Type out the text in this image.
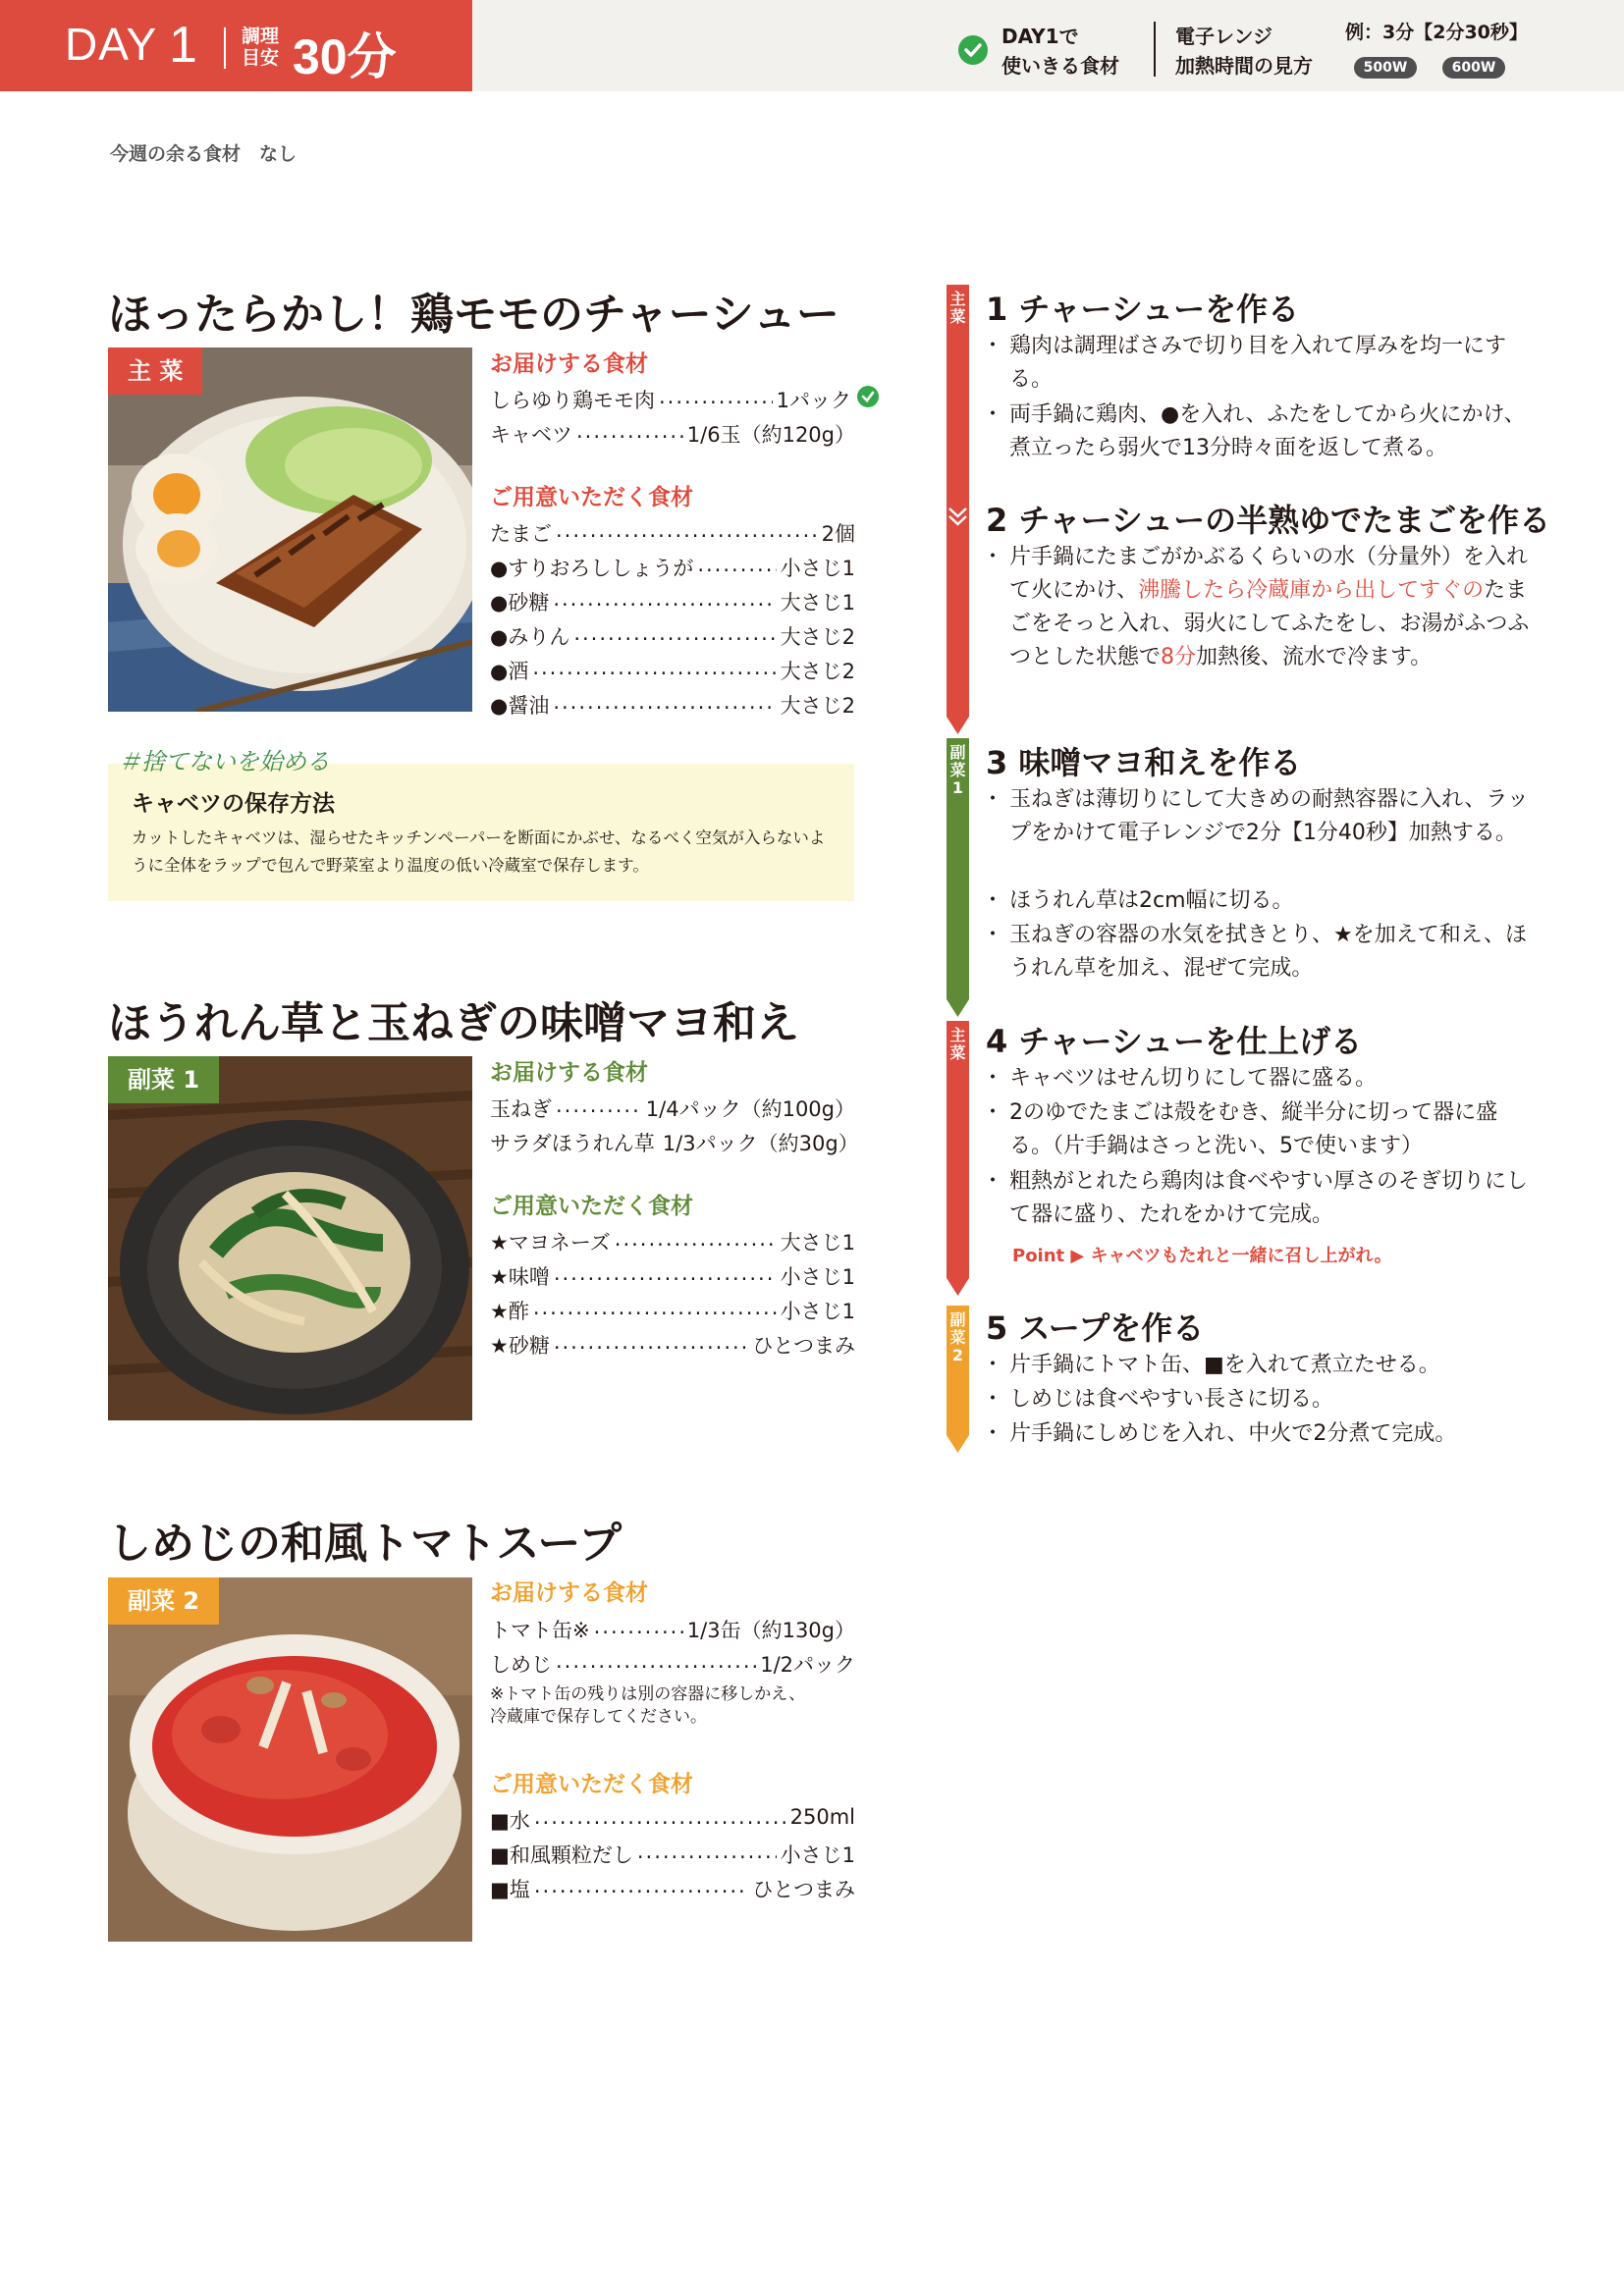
DAY 1 調理目安 30分	DAY1で
使いきる食材
電子レンジ
加熱時間の見方
例：3分【2分30秒】
500W	600W
今週の余る食材　なし
ほったらかし！鶏モモのチャーシュー
主 菜	お届けする食材
しらゆり鶏モモ肉 .....	1パック
キャベツ .....	1/6玉（約120g）
ご用意いただく食材
たまご .....	2個
●すりおろししょうが .....	小さじ1
●砂糖 .....	大さじ1
●みりん .....	大さじ2
●酒 .....	大さじ2
●醤油 .....	大さじ2
キャベツの保存方法
カットしたキャベツは、湿らせたキッチンペーパーを断面にかぶせ、なるべく空気が入らないように全体をラップで包んで野菜室より温度の低い冷蔵室で保存します。
＃捨てないを始める
ほうれん草と玉ねぎの味噌マヨ和え
副菜 1	お届けする食材
玉ねぎ .....	1/4パック（約100g）
サラダほうれん草 1/3パック（約30g）
ご用意いただく食材
★マヨネーズ .....	大さじ1
★味噌 .....	小さじ1
★酢 .....	小さじ1
★砂糖 .....	ひとつまみ
しめじの和風トマトスープ
副菜 2	お届けする食材
トマト缶※ .....	1/3缶（約130g）
しめじ .....	1/2パック
※トマト缶の残りは別の容器に移しかえ、
冷蔵庫で保存してください。
ご用意いただく食材
■水 .....	250ml
■和風顆粒だし .....	小さじ1
■塩 .....	ひとつまみ
主菜
副菜1
主菜
副菜2
1 チャーシューを作る
・ 鶏肉は調理ばさみで切り目を入れて厚みを均一にする。
・ 両手鍋に鶏肉、●を入れ、ふたをしてから火にかけ、煮立ったら弱火で13分時々面を返して煮る。
2 チャーシューの半熟ゆでたまごを作る
・ 片手鍋にたまごがかぶるくらいの水（分量外）を入れて火にかけ、沸騰したら冷蔵庫から出してすぐのたまごをそっと入れ、弱火にしてふたをし、お湯がふつふつとした状態で8分加熱後、流水で冷ます。
3 味噌マヨ和えを作る
・ 玉ねぎは薄切りにして大きめの耐熱容器に入れ、ラップをかけて電子レンジで2分【1分40秒】加熱する。
・ ほうれん草は2cm幅に切る。
・ 玉ねぎの容器の水気を拭きとり、★を加えて和え、ほうれん草を加え、混ぜて完成。
4 チャーシューを仕上げる
・ キャベツはせん切りにして器に盛る。
・ 2のゆでたまごは殻をむき、縦半分に切って器に盛る。（片手鍋はさっと洗い、5で使います）
・ 粗熱がとれたら鶏肉は食べやすい厚さのそぎ切りにして器に盛り、たれをかけて完成。
Point ▶ キャベツもたれと一緒に召し上がれ。
5 スープを作る
・ 片手鍋にトマト缶、■を入れて煮立たせる。
・ しめじは食べやすい長さに切る。
・ 片手鍋にしめじを入れ、中火で2分煮て完成。
